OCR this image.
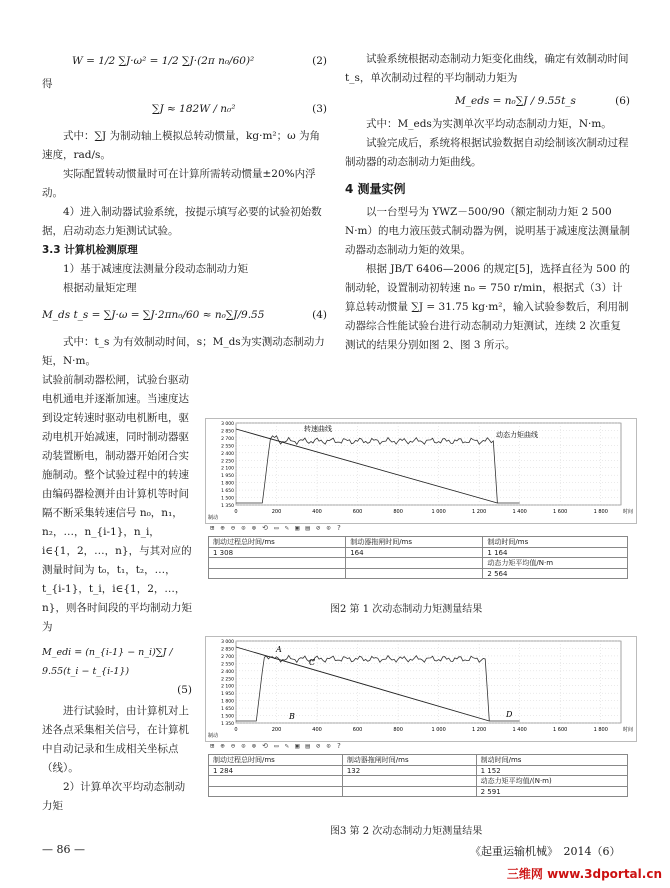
W = 1/2 ∑J·ω² = 1/2 ∑J·(2π n₀/60)²	(2)

得

∑J ≈ 182W / n₀²	(3)

式中：∑J 为制动轴上模拟总转动惯量，kg·m²；ω 为角速度，rad/s。

实际配置转动惯量时可在计算所需转动惯量±20%内浮动。

4）进入制动器试验系统，按提示填写必要的试验初始数据，启动动态力矩测试试验。

3.3 计算机检测原理

1）基于减速度法测量分段动态制动力矩

根据动量矩定理

M_ds t_s = ∑J·ω = ∑J·2πn₀/60 ≈ n₀∑J/9.55	(4)

式中：t_s 为有效制动时间，s；M_ds为实测动态制动力矩，N·m。

试验前制动器松闸，试验台驱动电机通电并逐渐加速。当速度达到设定转速时驱动电机断电，驱动电机开始减速，同时制动器驱动装置断电，制动器开始闭合实施制动。整个试验过程中的转速由编码器检测并由计算机等时间隔不断采集转速信号 n₀，n₁，n₂，…，n_{i-1}，n_i，i∈{1，2，…，n}，与其对应的测量时间为 t₀，t₁，t₂，…，t_{i-1}，t_i，i∈{1，2，…，n}，则各时间段的平均制动力矩为

M_edi = (n_{i-1} − n_i)∑J / 9.55(t_i − t_{i-1})
(5)

进行试验时，由计算机对上述各点采集相关信号，在计算机中自动记录和生成相关坐标点（线）。

2）计算单次平均动态制动力矩

试验系统根据动态制动力矩变化曲线，确定有效制动时间 t_s，单次制动过程的平均制动力矩为

M_eds = n₀∑J / 9.55t_s	(6)

式中：M_eds为实测单次平均动态制动力矩，N·m。

试验完成后，系统将根据试验数据自动绘制该次制动过程制动器的动态制动力矩曲线。

4 测量实例

以一台型号为 YWZ－500/90（额定制动力矩 2 500 N·m）的电力液压鼓式制动器为例，说明基于减速度法测量制动器动态制动力矩的效果。

根据 JB/T 6406—2006 的规定[5]，选择直径为 500 的制动轮，设置制动初转速 n₀ = 750 r/min，根据式（3）计算总转动惯量 ∑J = 31.75 kg·m²，输入试验参数后，利用制动器综合性能试验台进行动态制动力矩测试，连续 2 次重复测试的结果分别如图 2、图 3 所示。

3 000
2 850
2 700
2 550
2 400
2 250
2 100
1 950
1 800
1 650
1 500
1 350
0	200	400	600	800	1 000	1 200	1 400	1 600	1 800	时间
制动
转速曲线
动态力矩曲线
⊞ ⊕ ⊖ ⊙ ⊗ ⟲ ▭ ✎ ▣ ▤ ⊘ ⊙ ?
制动过程总时间/ms	制动器拖闸时间/ms	制动时间/ms
1 308	164	1 164
		动态力矩平均值/N·m
		2 564
图2 第 1 次动态制动力矩测量结果
3 000
2 850
2 700
2 550
2 400
2 250
2 100
1 950
1 800
1 650
1 500
1 350
0	200	400	600	800	1 000	1 200	1 400	1 600	1 800	时间
制动
A
B
C
D
⊞ ⊕ ⊖ ⊙ ⊗ ⟲ ▭ ✎ ▣ ▤ ⊘ ⊙ ?
制动过程总时间/ms	制动器拖闸时间/ms	制动时间/ms
1 284	132	1 152
		动态力矩平均值/(N·m)
		2 591
图3 第 2 次动态制动力矩测量结果
— 86 —	《起重运输机械》　2014（6）
三维网 www.3dportal.cn
